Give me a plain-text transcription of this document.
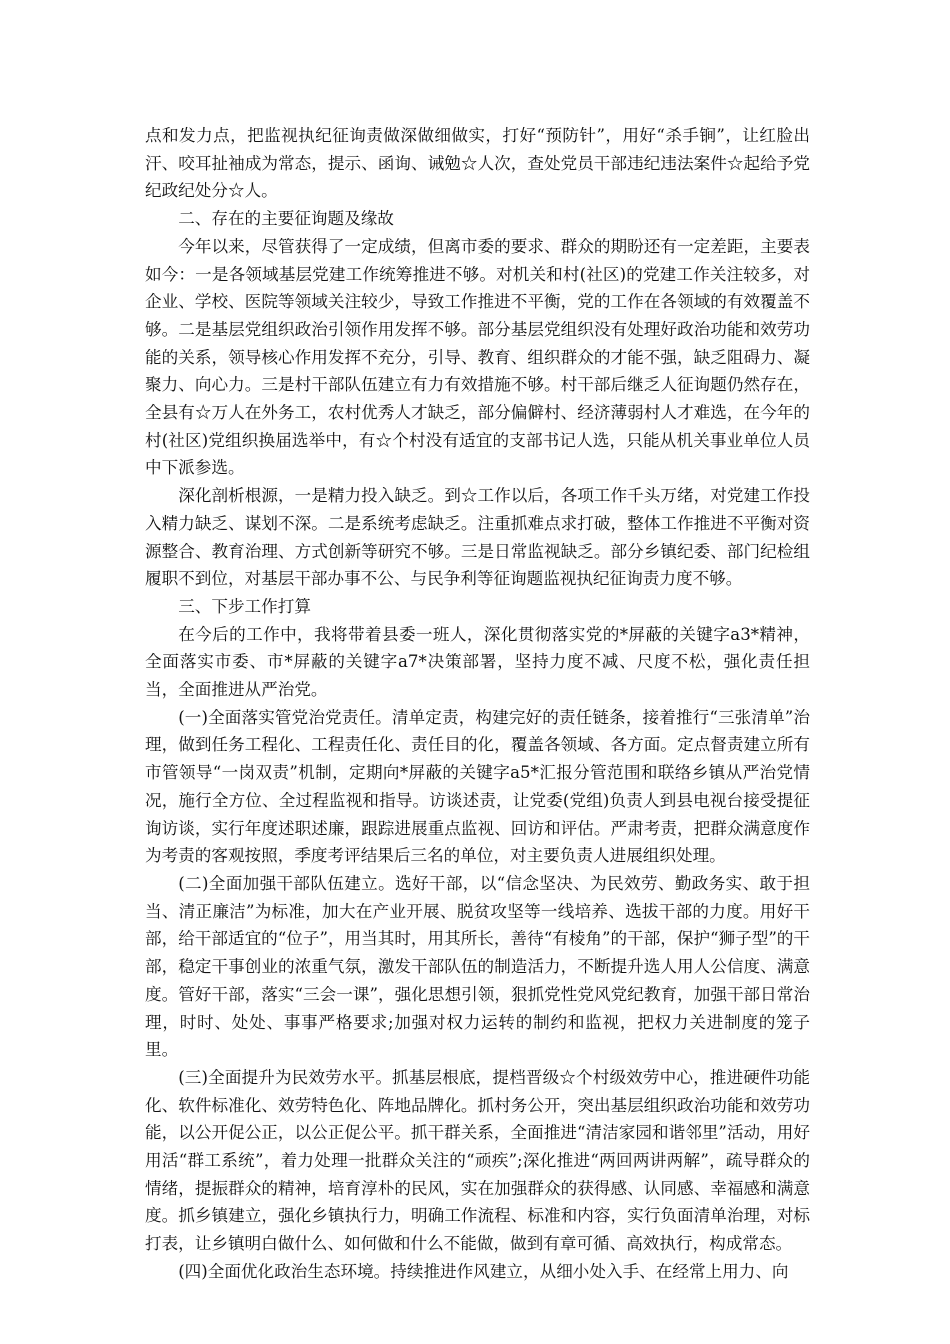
点和发力点，把监视执纪征询责做深做细做实，打好“预防针”，用好“杀手锏”，让红脸出汗、咬耳扯袖成为常态，提示、函询、诫勉☆人次，查处党员干部违纪违法案件☆起给予党纪政纪处分☆人。

二、存在的主要征询题及缘故

今年以来，尽管获得了一定成绩，但离市委的要求、群众的期盼还有一定差距，主要表如今：一是各领域基层党建工作统筹推进不够。对机关和村(社区)的党建工作关注较多，对企业、学校、医院等领域关注较少，导致工作推进不平衡，党的工作在各领域的有效覆盖不够。二是基层党组织政治引领作用发挥不够。部分基层党组织没有处理好政治功能和效劳功能的关系，领导核心作用发挥不充分，引导、教育、组织群众的才能不强，缺乏阻碍力、凝聚力、向心力。三是村干部队伍建立有力有效措施不够。村干部后继乏人征询题仍然存在，全县有☆万人在外务工，农村优秀人才缺乏，部分偏僻村、经济薄弱村人才难选，在今年的村(社区)党组织换届选举中，有☆个村没有适宜的支部书记人选，只能从机关事业单位人员中下派参选。

深化剖析根源，一是精力投入缺乏。到☆工作以后，各项工作千头万绪，对党建工作投入精力缺乏、谋划不深。二是系统考虑缺乏。注重抓难点求打破，整体工作推进不平衡对资源整合、教育治理、方式创新等研究不够。三是日常监视缺乏。部分乡镇纪委、部门纪检组履职不到位，对基层干部办事不公、与民争利等征询题监视执纪征询责力度不够。

三、下步工作打算

在今后的工作中，我将带着县委一班人，深化贯彻落实党的*屏蔽的关键字a3*精神，全面落实市委、市*屏蔽的关键字a7*决策部署，坚持力度不减、尺度不松，强化责任担当，全面推进从严治党。

(一)全面落实管党治党责任。清单定责，构建完好的责任链条，接着推行“三张清单”治理，做到任务工程化、工程责任化、责任目的化，覆盖各领域、各方面。定点督责建立所有市管领导“一岗双责”机制，定期向*屏蔽的关键字a5*汇报分管范围和联络乡镇从严治党情况，施行全方位、全过程监视和指导。访谈述责，让党委(党组)负责人到县电视台接受提征询访谈，实行年度述职述廉，跟踪进展重点监视、回访和评估。严肃考责，把群众满意度作为考责的客观按照，季度考评结果后三名的单位，对主要负责人进展组织处理。

(二)全面加强干部队伍建立。选好干部，以“信念坚决、为民效劳、勤政务实、敢于担当、清正廉洁”为标准，加大在产业开展、脱贫攻坚等一线培养、选拔干部的力度。用好干部，给干部适宜的“位子”，用当其时，用其所长，善待“有棱角”的干部，保护“狮子型”的干部，稳定干事创业的浓重气氛，激发干部队伍的制造活力，不断提升选人用人公信度、满意度。管好干部，落实“三会一课”，强化思想引领，狠抓党性党风党纪教育，加强干部日常治理，时时、处处、事事严格要求;加强对权力运转的制约和监视，把权力关进制度的笼子里。

(三)全面提升为民效劳水平。抓基层根底，提档晋级☆个村级效劳中心，推进硬件功能化、软件标准化、效劳特色化、阵地品牌化。抓村务公开，突出基层组织政治功能和效劳功能，以公开促公正，以公正促公平。抓干群关系，全面推进“清洁家园和谐邻里”活动，用好用活“群工系统”，着力处理一批群众关注的“顽疾”;深化推进“两回两讲两解”，疏导群众的情绪，提振群众的精神，培育淳朴的民风，实在加强群众的获得感、认同感、幸福感和满意度。抓乡镇建立，强化乡镇执行力，明确工作流程、标准和内容，实行负面清单治理，对标打表，让乡镇明白做什么、如何做和什么不能做，做到有章可循、高效执行，构成常态。

(四)全面优化政治生态环境。持续推进作风建立，从细小处入手、在经常上用力、向
